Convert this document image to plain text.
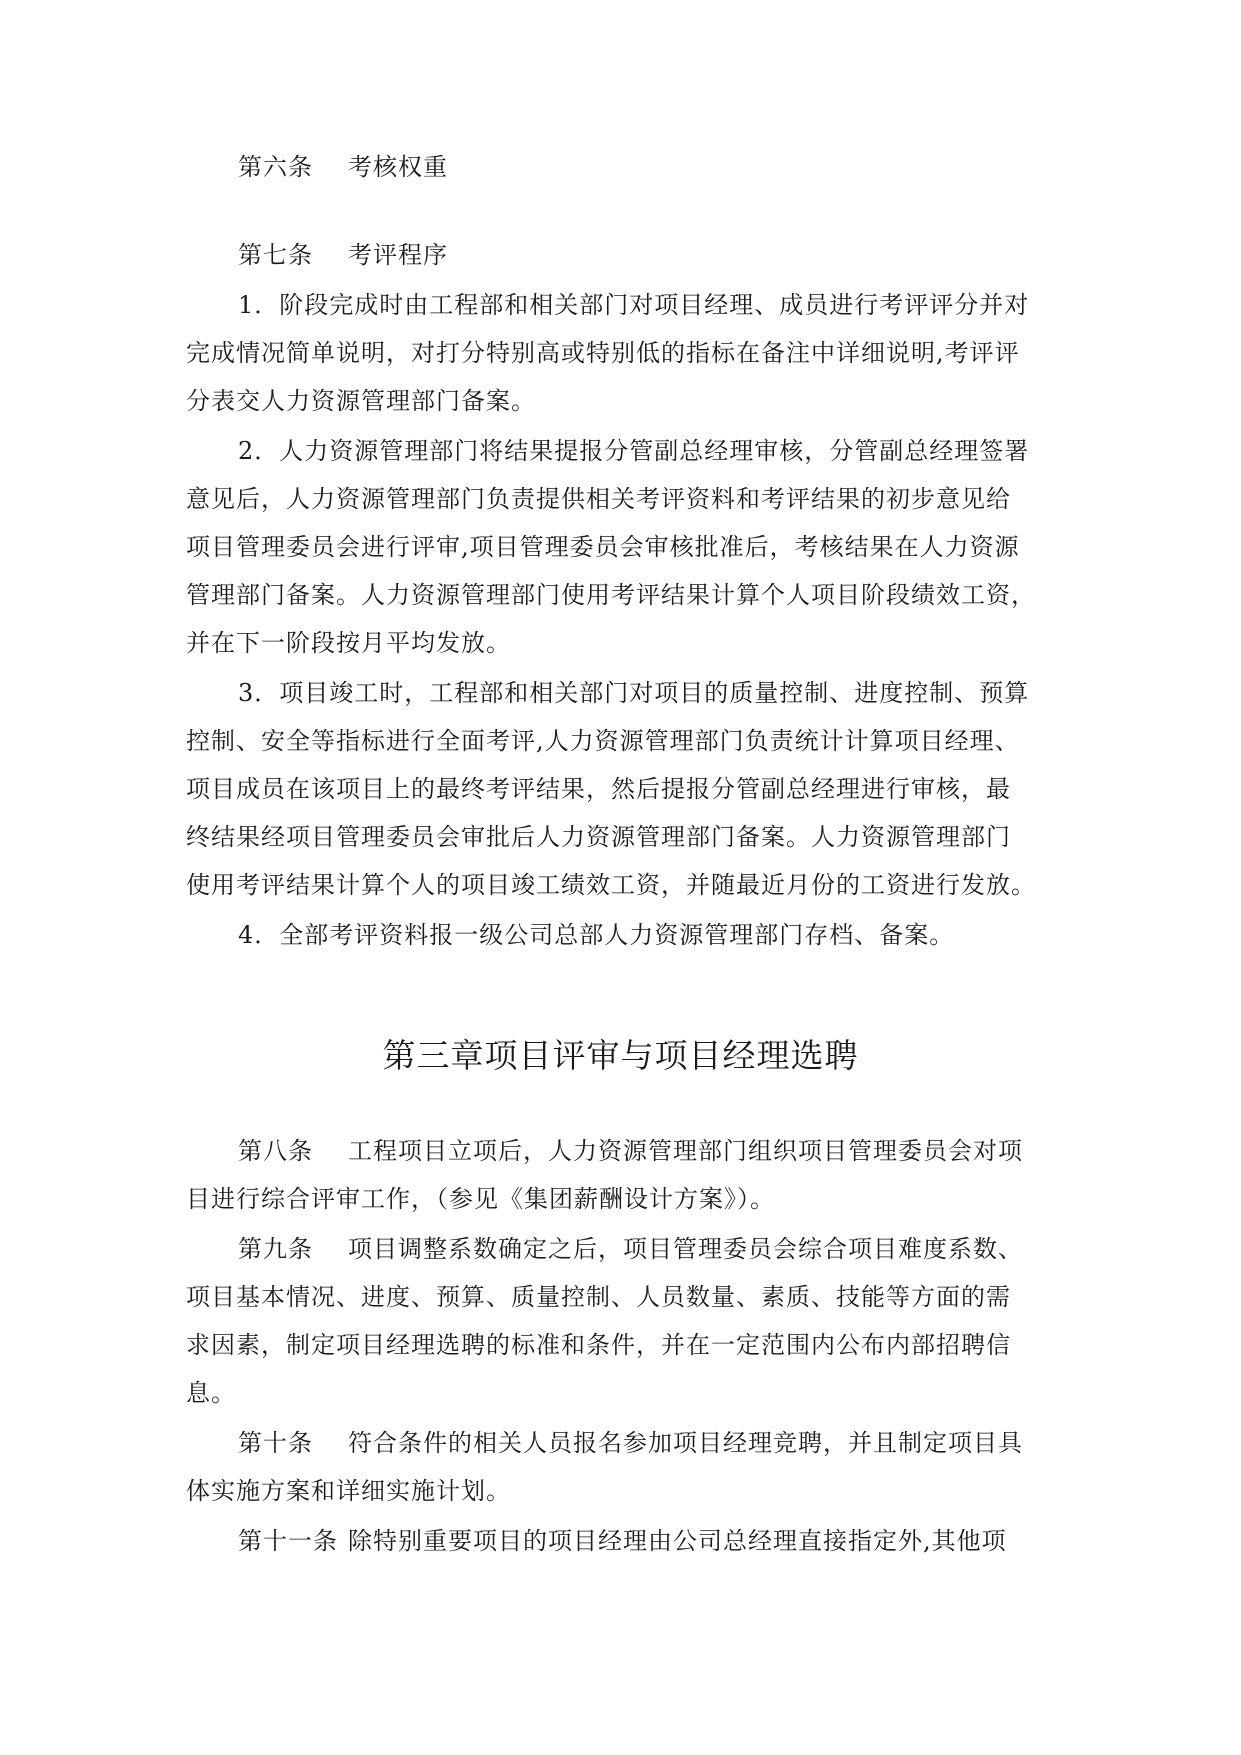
第六条 考核权重
第七条 考评程序
1．阶段完成时由工程部和相关部门对项目经理、成员进行考评评分并对
完成情况简单说明，对打分特别高或特别低的指标在备注中详细说明,考评评
分表交人力资源管理部门备案。
2．人力资源管理部门将结果提报分管副总经理审核，分管副总经理签署
意见后，人力资源管理部门负责提供相关考评资料和考评结果的初步意见给
项目管理委员会进行评审,项目管理委员会审核批准后，考核结果在人力资源
管理部门备案。人力资源管理部门使用考评结果计算个人项目阶段绩效工资，
并在下一阶段按月平均发放。
3．项目竣工时，工程部和相关部门对项目的质量控制、进度控制、预算
控制、安全等指标进行全面考评,人力资源管理部门负责统计计算项目经理、
项目成员在该项目上的最终考评结果，然后提报分管副总经理进行审核，最
终结果经项目管理委员会审批后人力资源管理部门备案。人力资源管理部门
使用考评结果计算个人的项目竣工绩效工资，并随最近月份的工资进行发放。
4．全部考评资料报一级公司总部人力资源管理部门存档、备案。
第三章项目评审与项目经理选聘
第八条 工程项目立项后，人力资源管理部门组织项目管理委员会对项
目进行综合评审工作，（参见《集团薪酬设计方案》）。
第九条 项目调整系数确定之后，项目管理委员会综合项目难度系数、
项目基本情况、进度、预算、质量控制、人员数量、素质、技能等方面的需
求因素，制定项目经理选聘的标准和条件，并在一定范围内公布内部招聘信
息。
第十条 符合条件的相关人员报名参加项目经理竞聘，并且制定项目具
体实施方案和详细实施计划。
第十一条 除特别重要项目的项目经理由公司总经理直接指定外,其他项
